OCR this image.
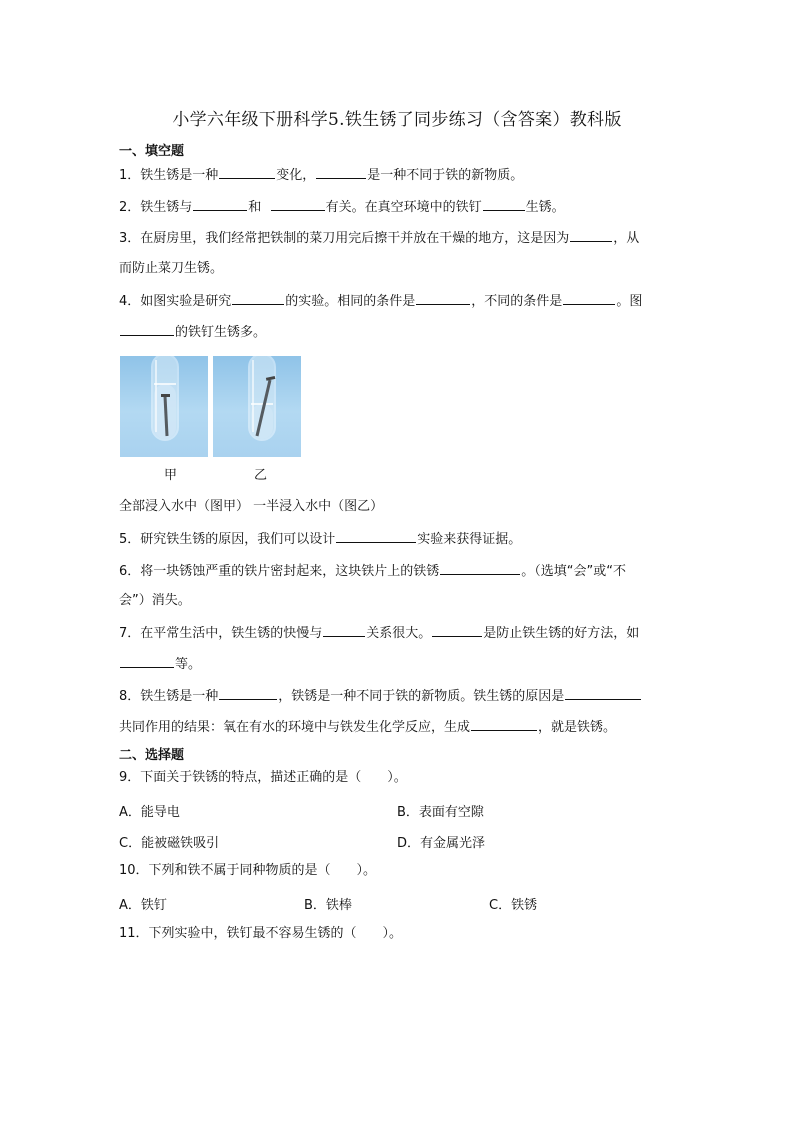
小学六年级下册科学5.铁生锈了同步练习（含答案）教科版
一、填空题
1．铁生锈是一种	变化，	是一种不同于铁的新物质。
2．铁生锈与	和	有关。在真空环境中的铁钉	生锈。
3．在厨房里，我们经常把铁制的菜刀用完后擦干并放在干燥的地方，这是因为	，从
而防止菜刀生锈。
4．如图实验是研究	的实验。相同的条件是	，不同的条件是	。图
的铁钉生锈多。
甲	乙
全部浸入水中（图甲） 一半浸入水中（图乙）
5．研究铁生锈的原因，我们可以设计	实验来获得证据。
6．将一块锈蚀严重的铁片密封起来，这块铁片上的铁锈	。（选填“会”或“不
会”）消失。
7．在平常生活中，铁生锈的快慢与	关系很大。	是防止铁生锈的好方法，如
等。
8．铁生锈是一种	，铁锈是一种不同于铁的新物质。铁生锈的原因是
共同作用的结果：氧在有水的环境中与铁发生化学反应，生成	，就是铁锈。
二、选择题
9．下面关于铁锈的特点，描述正确的是（　　）。
A．能导电	B．表面有空隙
C．能被磁铁吸引	D．有金属光泽
10．下列和铁不属于同种物质的是（　　）。
A．铁钉	B．铁棒	C．铁锈
11．下列实验中，铁钉最不容易生锈的（　　）。
